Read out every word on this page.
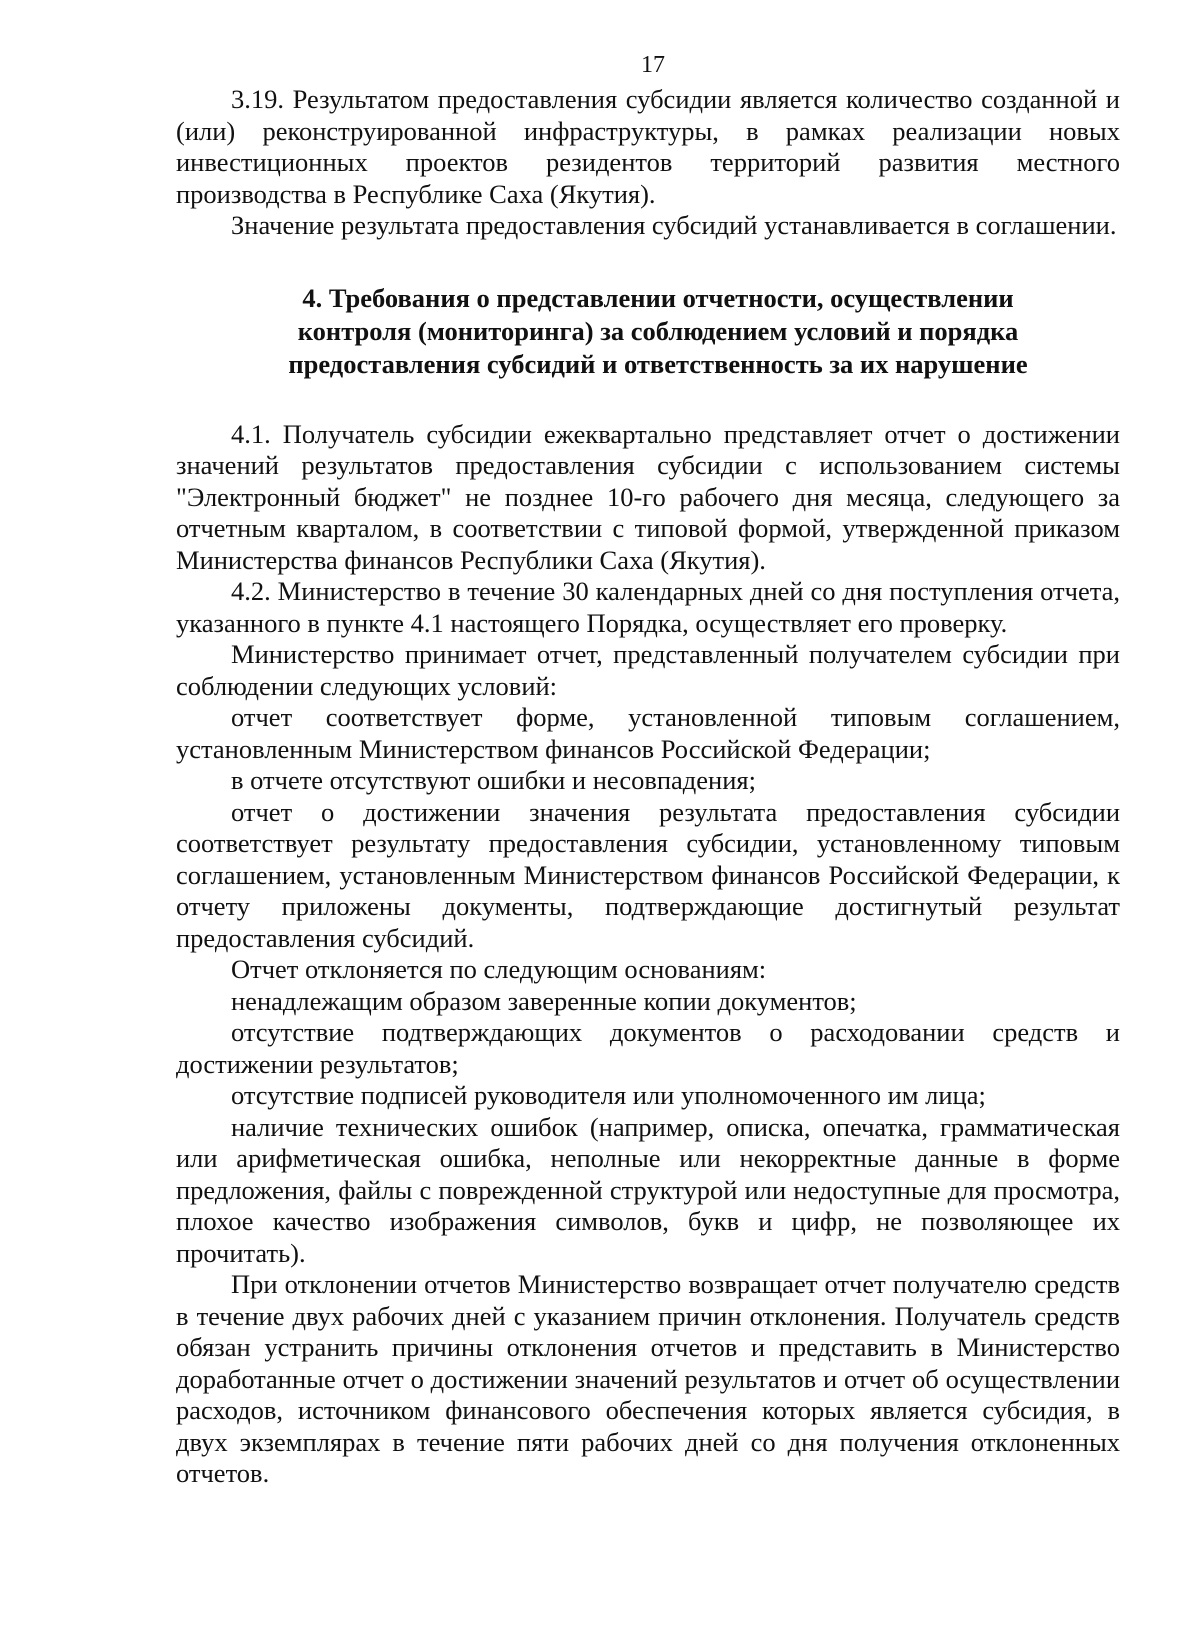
17

3.19. Результатом предоставления субсидии является количество созданной и (или) реконструированной инфраструктуры, в рамках реализации новых инвестиционных проектов резидентов территорий развития местного производства в Республике Саха (Якутия).

Значение результата предоставления субсидий устанавливается в соглашении.

4. Требования о представлении отчетности, осуществлении контроля (мониторинга) за соблюдением условий и порядка предоставления субсидий и ответственность за их нарушение

4.1. Получатель субсидии ежеквартально представляет отчет о достижении значений результатов предоставления субсидии с использованием системы "Электронный бюджет" не позднее 10-го рабочего дня месяца, следующего за отчетным кварталом, в соответствии с типовой формой, утвержденной приказом Министерства финансов Республики Саха (Якутия).

4.2. Министерство в течение 30 календарных дней со дня поступления отчета, указанного в пункте 4.1 настоящего Порядка, осуществляет его проверку.

Министерство принимает отчет, представленный получателем субсидии при соблюдении следующих условий:

отчет соответствует форме, установленной типовым соглашением, установленным Министерством финансов Российской Федерации;

в отчете отсутствуют ошибки и несовпадения;

отчет о достижении значения результата предоставления субсидии соответствует результату предоставления субсидии, установленному типовым соглашением, установленным Министерством финансов Российской Федерации, к отчету приложены документы, подтверждающие достигнутый результат предоставления субсидий.

Отчет отклоняется по следующим основаниям:

ненадлежащим образом заверенные копии документов;

отсутствие подтверждающих документов о расходовании средств и достижении результатов;

отсутствие подписей руководителя или уполномоченного им лица;

наличие технических ошибок (например, описка, опечатка, грамматическая или арифметическая ошибка, неполные или некорректные данные в форме предложения, файлы с поврежденной структурой или недоступные для просмотра, плохое качество изображения символов, букв и цифр, не позволяющее их прочитать).

При отклонении отчетов Министерство возвращает отчет получателю средств в течение двух рабочих дней с указанием причин отклонения. Получатель средств обязан устранить причины отклонения отчетов и представить в Министерство доработанные отчет о достижении значений результатов и отчет об осуществлении расходов, источником финансового обеспечения которых является субсидия, в двух экземплярах в течение пяти рабочих дней со дня получения отклоненных отчетов.
